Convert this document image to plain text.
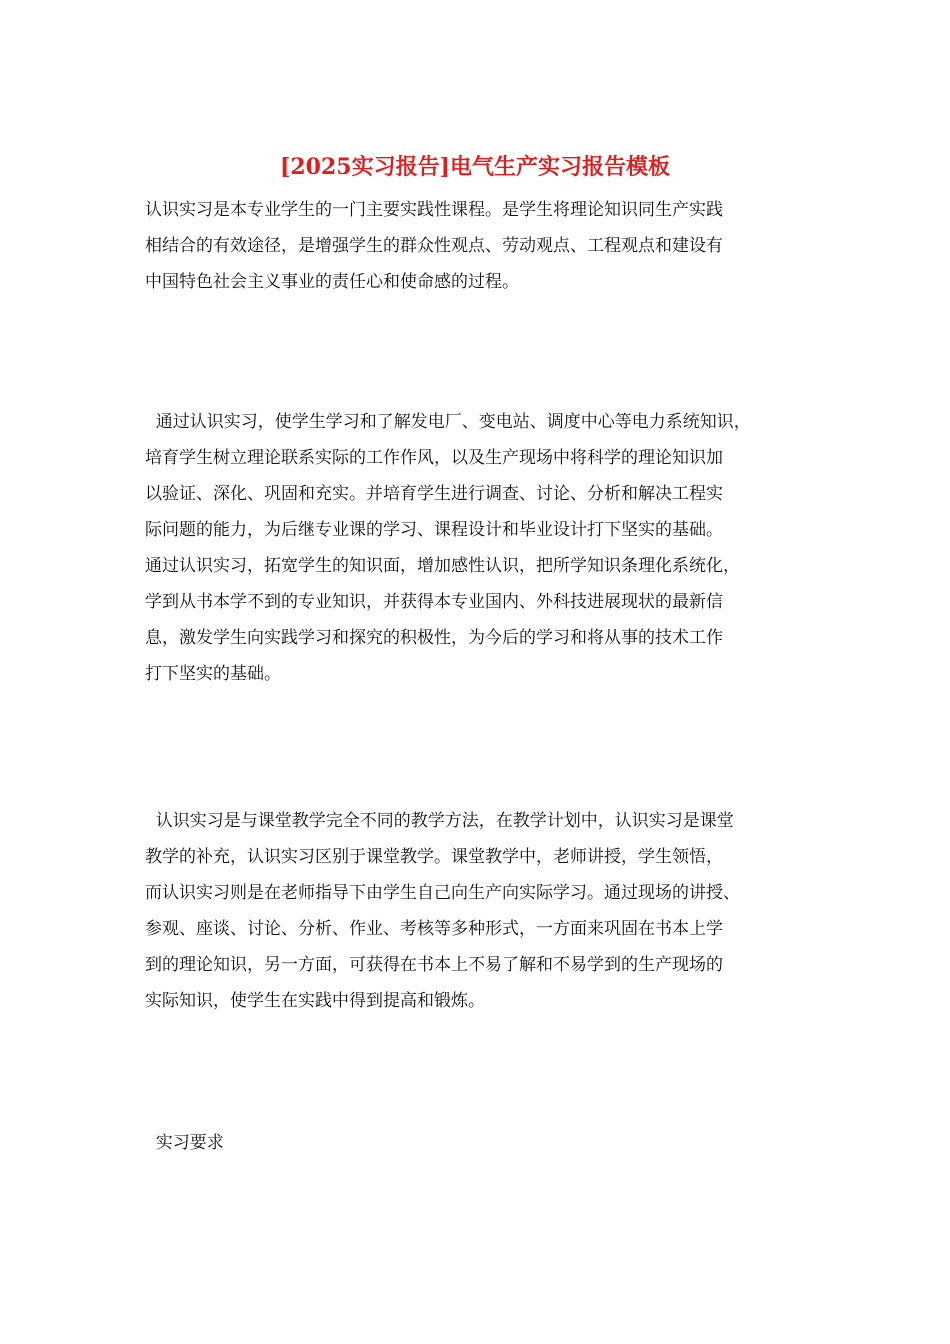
[2025实习报告]电气生产实习报告模板
认识实习是本专业学生的一门主要实践性课程。是学生将理论知识同生产实践
相结合的有效途径，是增强学生的群众性观点、劳动观点、工程观点和建设有
中国特色社会主义事业的责任心和使命感的过程。
通过认识实习，使学生学习和了解发电厂、变电站、调度中心等电力系统知识，
培育学生树立理论联系实际的工作作风，以及生产现场中将科学的理论知识加
以验证、深化、巩固和充实。并培育学生进行调查、讨论、分析和解决工程实
际问题的能力，为后继专业课的学习、课程设计和毕业设计打下坚实的基础。
通过认识实习，拓宽学生的知识面，增加感性认识，把所学知识条理化系统化，
学到从书本学不到的专业知识，并获得本专业国内、外科技进展现状的最新信
息，激发学生向实践学习和探究的积极性，为今后的学习和将从事的技术工作
打下坚实的基础。
认识实习是与课堂教学完全不同的教学方法，在教学计划中，认识实习是课堂
教学的补充，认识实习区别于课堂教学。课堂教学中，老师讲授，学生领悟，
而认识实习则是在老师指导下由学生自己向生产向实际学习。通过现场的讲授、
参观、座谈、讨论、分析、作业、考核等多种形式，一方面来巩固在书本上学
到的理论知识，另一方面，可获得在书本上不易了解和不易学到的生产现场的
实际知识，使学生在实践中得到提高和锻炼。
实习要求
